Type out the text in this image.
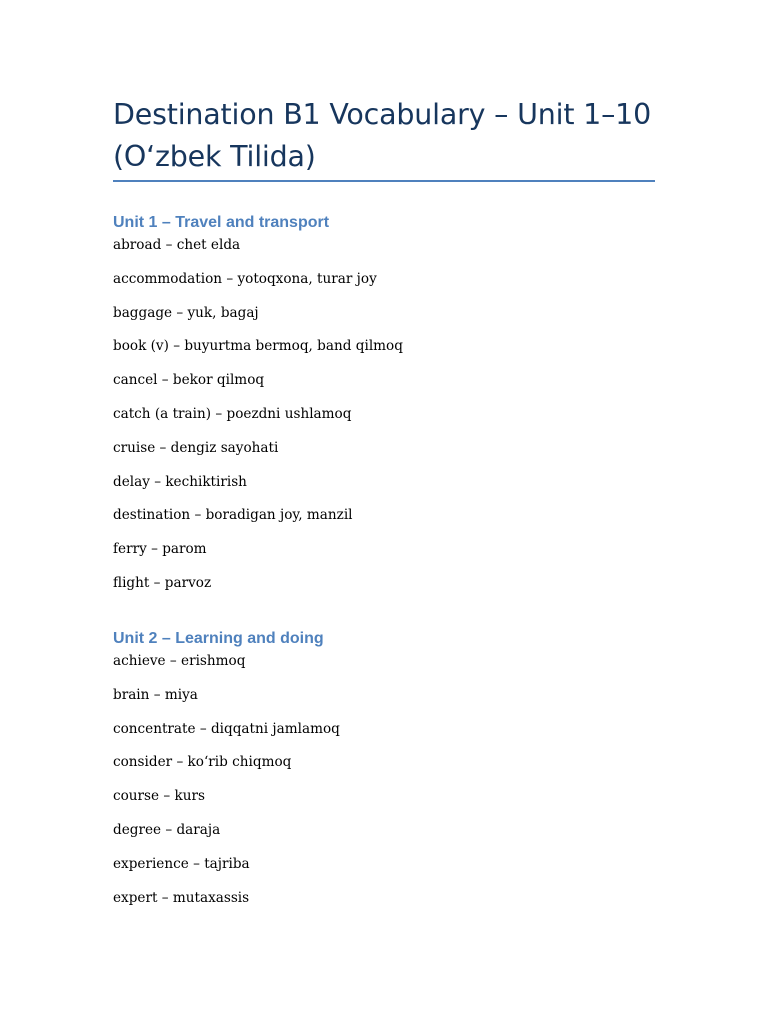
Destination B1 Vocabulary – Unit 1–10
(O‘zbek Tilida)
Unit 1 – Travel and transport
abroad – chet elda
accommodation – yotoqxona, turar joy
baggage – yuk, bagaj
book (v) – buyurtma bermoq, band qilmoq
cancel – bekor qilmoq
catch (a train) – poezdni ushlamoq
cruise – dengiz sayohati
delay – kechiktirish
destination – boradigan joy, manzil
ferry – parom
flight – parvoz
Unit 2 – Learning and doing
achieve – erishmoq
brain – miya
concentrate – diqqatni jamlamoq
consider – ko‘rib chiqmoq
course – kurs
degree – daraja
experience – tajriba
expert – mutaxassis
